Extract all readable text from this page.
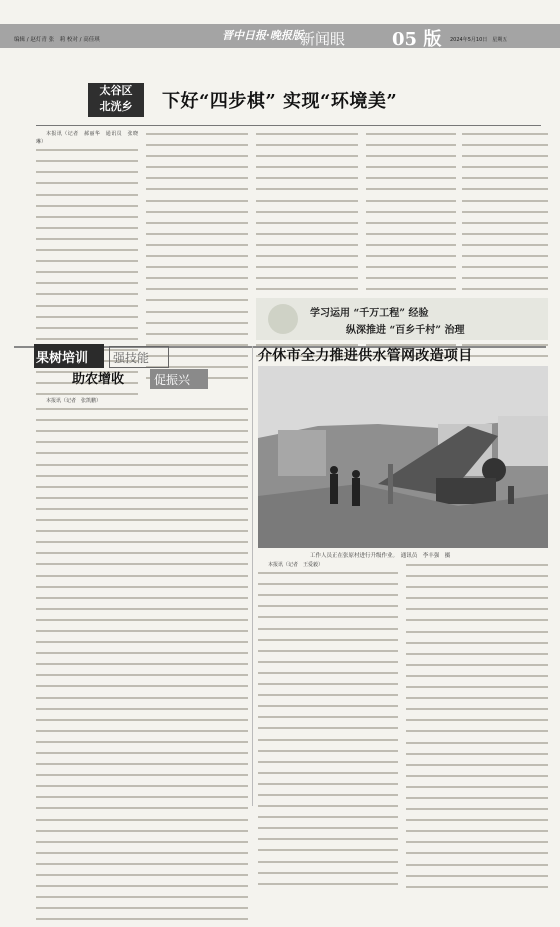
编辑 / 赵灯青 张　莉 校对 / 高佳琪	晋中日报·晚报版
新闻眼	05 版 2024年5月10日　星期五
太谷区
北洸乡	下好“四步棋” 实现“环境美”
本报讯（记者　郝丽华　通讯员　张晓琳）
学习运用 “千万工程” 经验
纵深推进 “百乡千村” 治理
果树培训 强技能
助农增收 促振兴
本报讯（记者　张凯鹏）
介休市全力推进供水管网改造项目
工作人员正在张原村进行升级作业。　通讯员　李丰强　摄
本报讯（记者　王爱毅）
